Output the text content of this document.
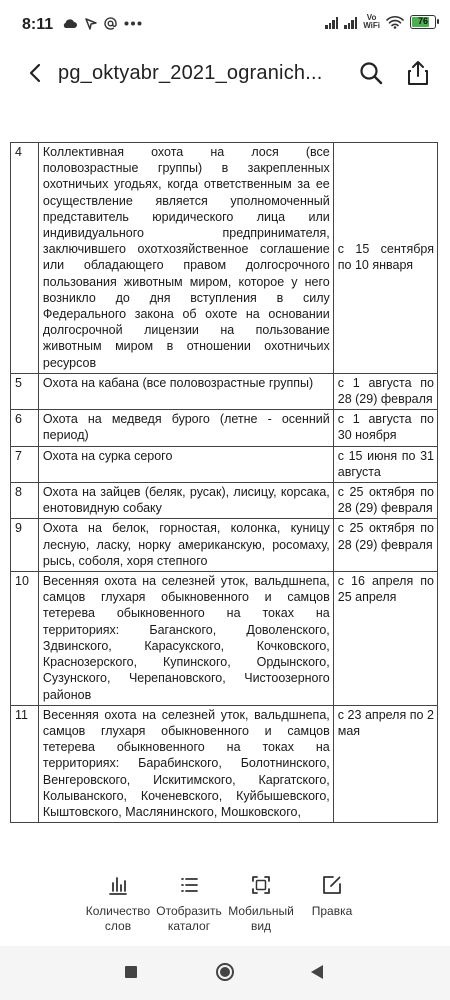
8:11	Vo
WiFi	76
pg_oktyabr_2021_ogranich...
4	Коллективная охота на лося (все половозрастные группы) в закрепленных охотничьих угодьях, когда ответственным за ее осуществление является уполномоченный представитель юридического лица или индивидуального предпринимателя, заключившего охотхозяйственное соглашение или обладающего правом долгосрочного пользования животным миром, которое у него возникло до дня вступления в силу Федерального закона об охоте на основании долгосрочной лицензии на пользование животным миром в отношении охотничьих ресурсов	с 15 сентября по 10 января
5	Охота на кабана (все половозрастные группы)	с 1 августа по 28 (29) февраля
6	Охота на медведя бурого (летне - осенний период)	с 1 августа по 30 ноября
7	Охота на сурка серого	с 15 июня по 31 августа
8	Охота на зайцев (беляк, русак), лисицу, корсака, енотовидную собаку	с 25 октября по 28 (29) февраля
9	Охота на белок, горностая, колонка, куницу лесную, ласку, норку американскую, росомаху, рысь, соболя, хоря степного	с 25 октября по 28 (29) февраля
10	Весенняя охота на селезней уток, вальдшнепа, самцов глухаря обыкновенного и самцов тетерева обыкновенного на токах на территориях: Баганского, Доволенского, Здвинского, Карасукского, Кочковского, Краснозерского, Купинского, Ордынского, Сузунского, Черепановского, Чистоозерного районов	с 16 апреля по 25 апреля
11	Весенняя охота на селезней уток, вальдшнепа, самцов глухаря обыкновенного и самцов тетерева обыкновенного на токах на территориях: Барабинского, Болотнинского, Венгеровского, Искитимского, Каргатского, Колыванского, Коченевского, Куйбышевского, Кыштовского, Маслянинского, Мошковского,	с 23 апреля по 2 мая
Количество
слов
Отобразить
каталог
Мобильный
вид
Правка
